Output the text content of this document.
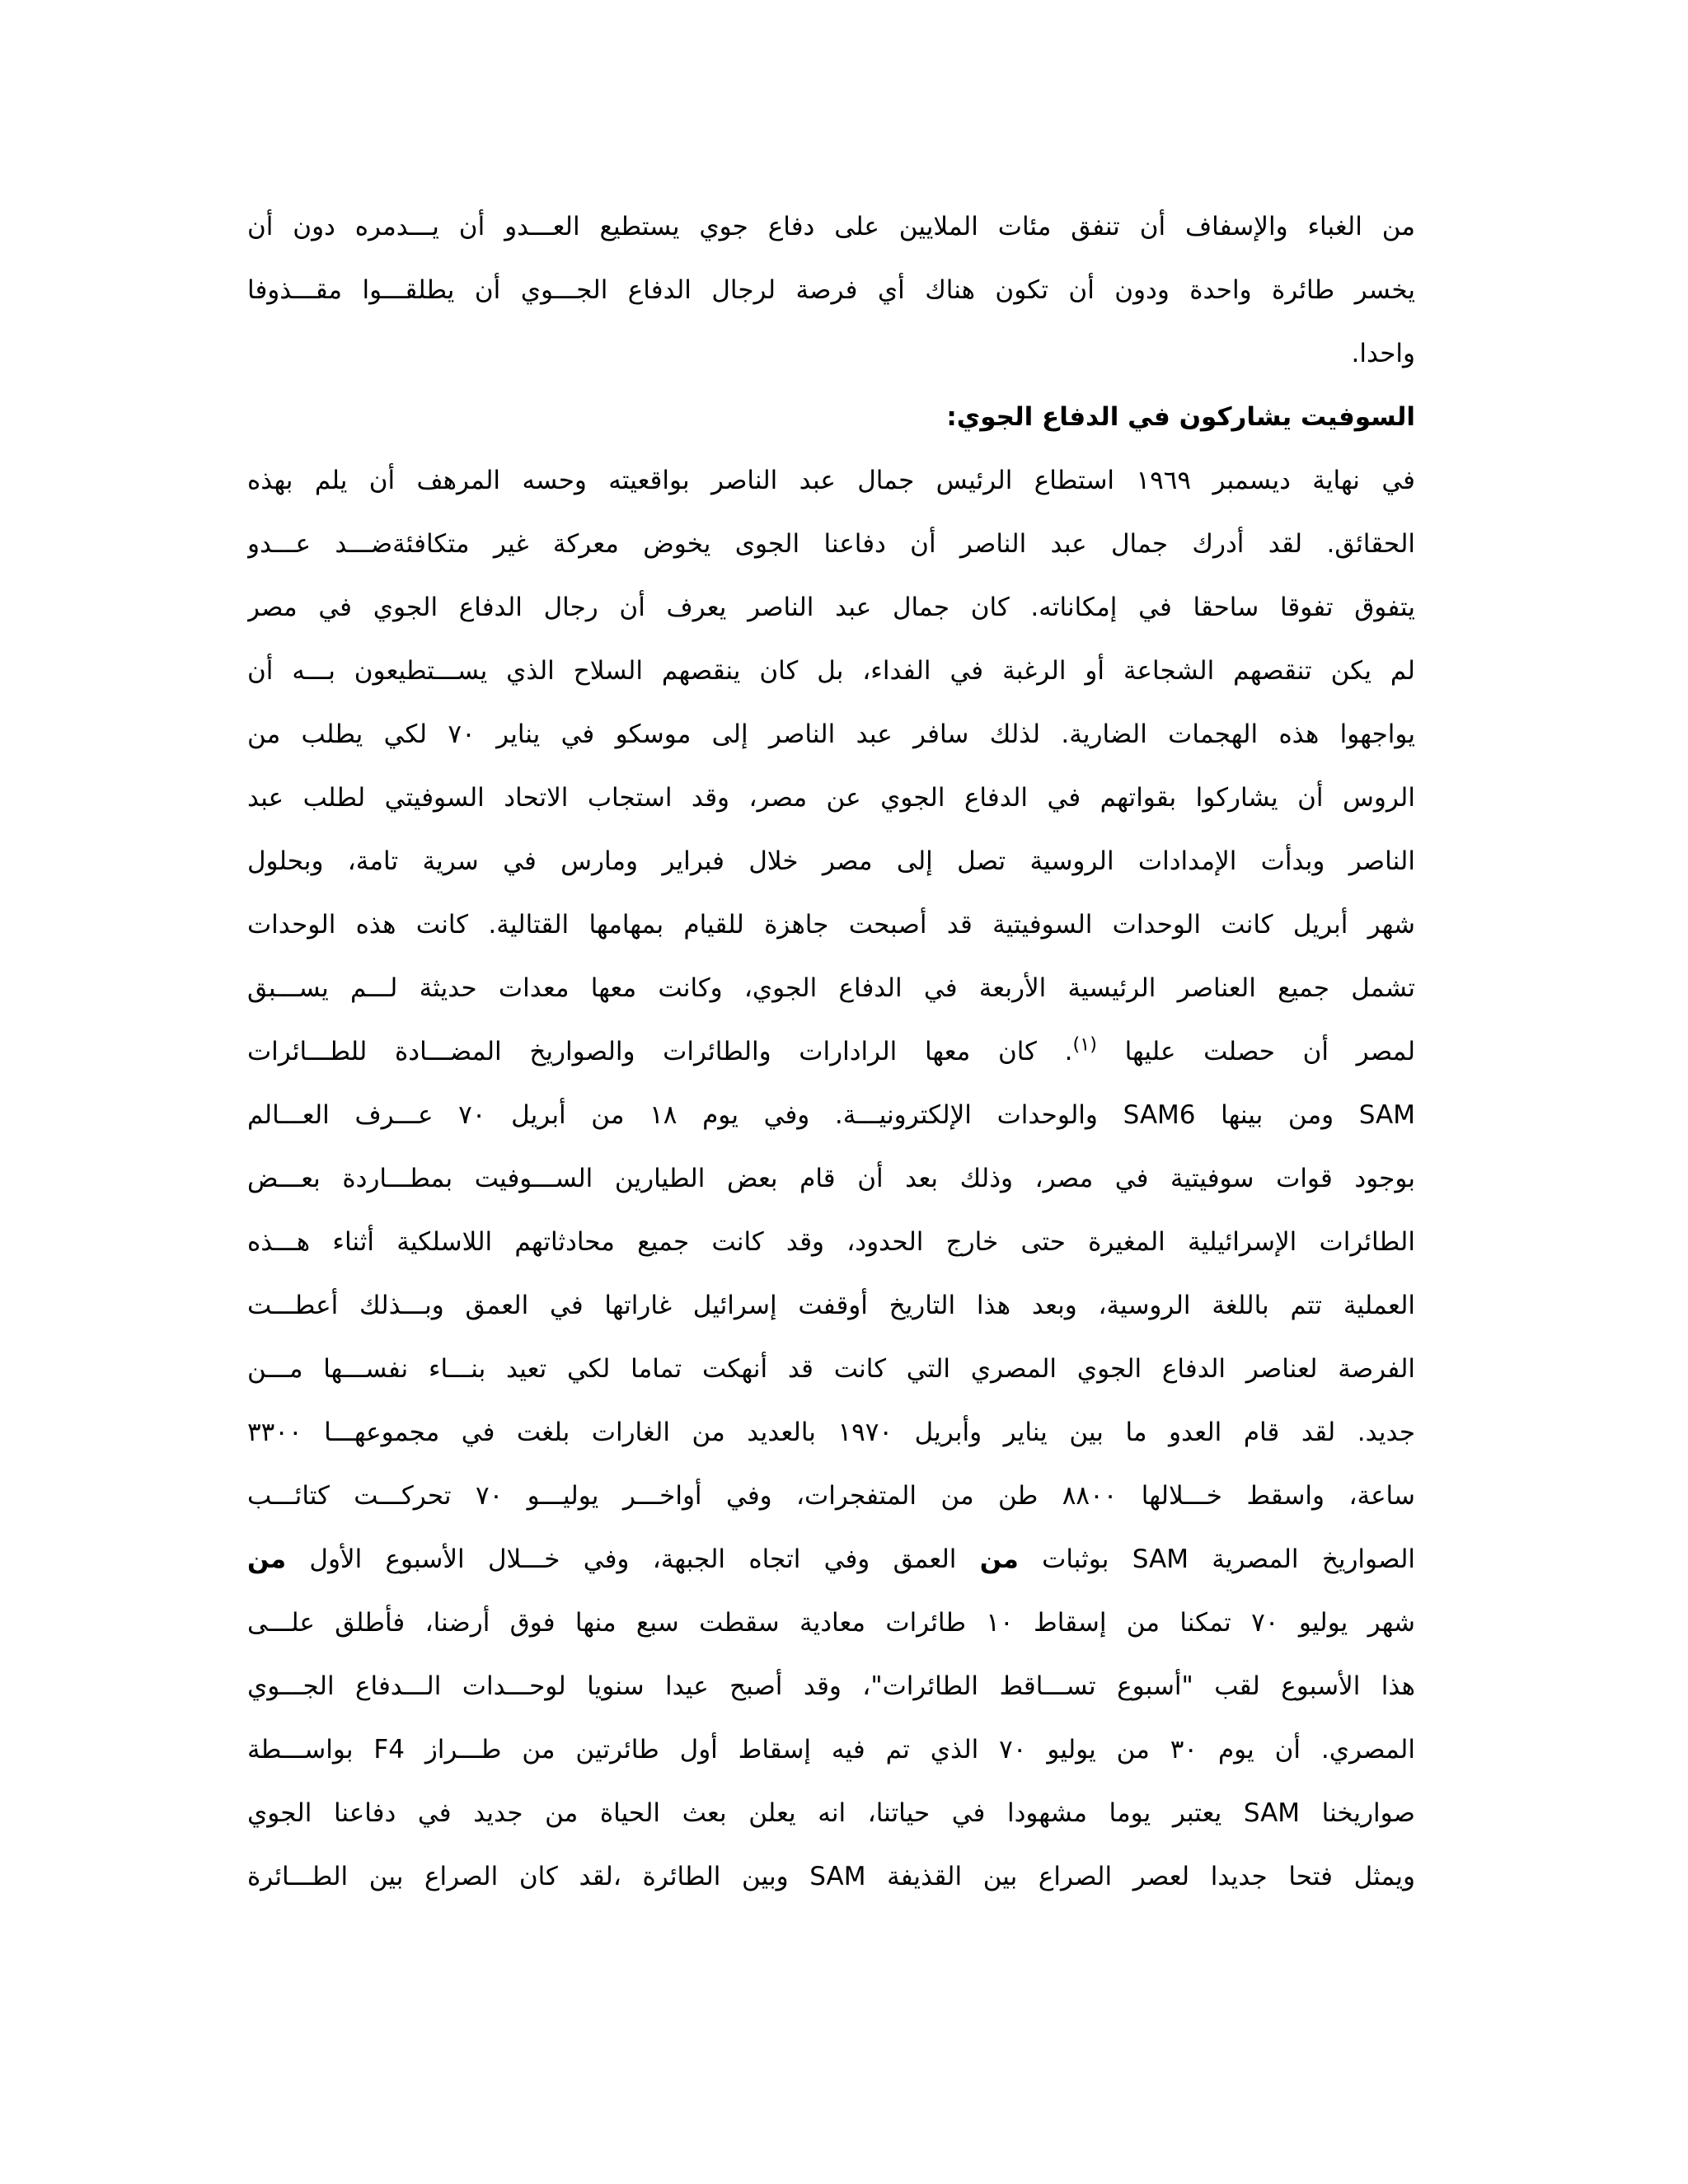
من الغباء والإسفاف أن تنفق مئات الملايين على دفاع جوي يستطيع العـــدو أن يـــدمره دون أن
يخسر طائرة واحدة ودون أن تكون هناك أي فرصة لرجال الدفاع الجـــوي أن يطلقـــوا مقـــذوفا
واحدا.
السوفيت يشاركون في الدفاع الجوي:
في نهاية ديسمبر ١٩٦٩ استطاع الرئيس جمال عبد الناصر بواقعيته وحسه المرهف أن يلم بهذه
الحقائق. لقد أدرك جمال عبد الناصر أن دفاعنا الجوى يخوض معركة غير متكافئةضـــد عـــدو
يتفوق تفوقا ساحقا في إمكاناته. كان جمال عبد الناصر يعرف أن رجال الدفاع الجوي في مصر
لم يكن تنقصهم الشجاعة أو الرغبة في الفداء، بل كان ينقصهم السلاح الذي يســـتطيعون بـــه أن
يواجهوا هذه الهجمات الضارية. لذلك سافر عبد الناصر إلى موسكو في يناير ٧٠ لكي يطلب من
الروس أن يشاركوا بقواتهم في الدفاع الجوي عن مصر، وقد استجاب الاتحاد السوفيتي لطلب عبد
الناصر وبدأت الإمدادات الروسية تصل إلى مصر خلال فبراير ومارس في سرية تامة، وبحلول
شهر أبريل كانت الوحدات السوفيتية قد أصبحت جاهزة للقيام بمهامها القتالية. كانت هذه الوحدات
تشمل جميع العناصر الرئيسية الأربعة في الدفاع الجوي، وكانت معها معدات حديثة لـــم يســـبق
لمصر أن حصلت عليها $^{(١)}$. كان معها الرادارات والطائرات والصواريخ المضـــادة للطـــائرات
SAM ومن بينها SAM6 والوحدات الإلكترونيـــة. وفي يوم ١٨ من أبريل ٧٠ عـــرف العـــالم
بوجود قوات سوفيتية في مصر، وذلك بعد أن قام بعض الطيارين الســـوفيت بمطـــاردة بعـــض
الطائرات الإسرائيلية المغيرة حتى خارج الحدود، وقد كانت جميع محادثاتهم اللاسلكية أثناء هـــذه
العملية تتم باللغة الروسية، وبعد هذا التاريخ أوقفت إسرائيل غاراتها في العمق وبـــذلك أعطـــت
الفرصة لعناصر الدفاع الجوي المصري التي كانت قد أنهكت تماما لكي تعيد بنـــاء نفســـها مـــن
جديد. لقد قام العدو ما بين يناير وأبريل ١٩٧٠ بالعديد من الغارات بلغت في مجموعهـــا ٣٣٠٠
ساعة، واسقط خـــلالها ٨٨٠٠ طن من المتفجرات، وفي أواخـــر يوليـــو ٧٠ تحركـــت كتائـــب
الصواريخ المصرية SAM بوثبات من العمق وفي اتجاه الجبهة، وفي خـــلال الأسبوع الأول من
شهر يوليو ٧٠ تمكنا من إسقاط ١٠ طائرات معادية سقطت سبع منها فوق أرضنا، فأطلق علـــى
هذا الأسبوع لقب "أسبوع تســـاقط الطائرات"، وقد أصبح عيدا سنويا لوحـــدات الـــدفاع الجـــوي
المصري. أن يوم ٣٠ من يوليو ٧٠ الذي تم فيه إسقاط أول طائرتين من طـــراز F4 بواســـطة
صواريخنا SAM يعتبر يوما مشهودا في حياتنا، انه يعلن بعث الحياة من جديد في دفاعنا الجوي
ويمثل فتحا جديدا لعصر الصراع بين القذيفة SAM وبين الطائرة ،لقد كان الصراع بين الطـــائرة
